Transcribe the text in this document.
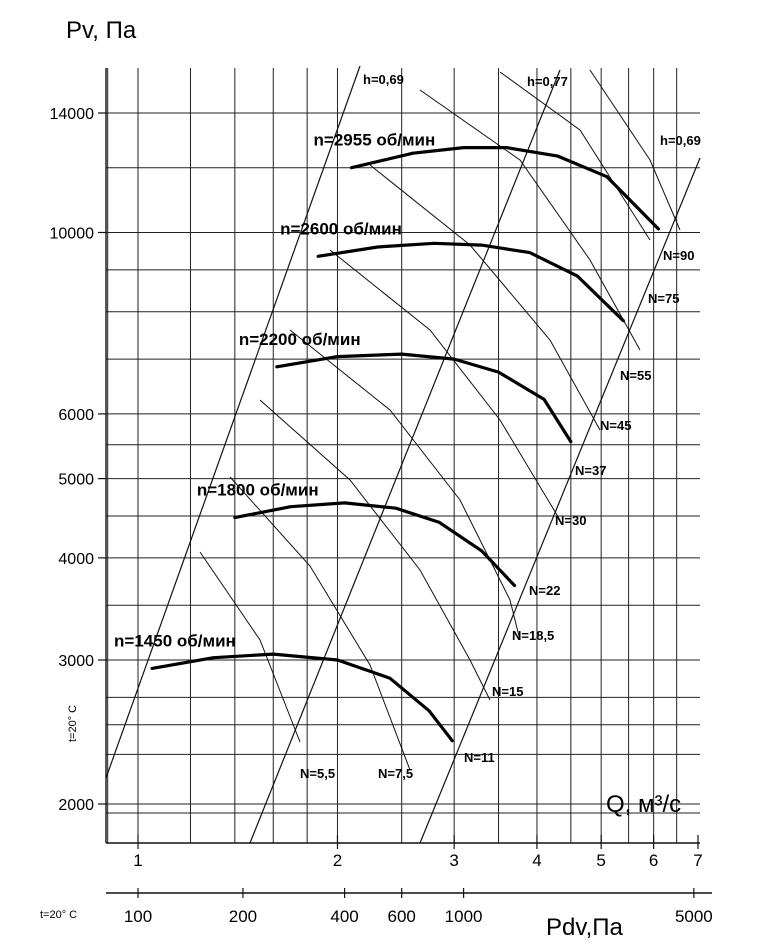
2000
3000
4000
5000
6000
10000
14000
1	2	3	4	5	6 7
100	200	400 600 1000	5000
n=1450 об/мин
n=1800 об/мин
n=2200 об/мин
n=2600 об/мин
n=2955 об/мин
N=5,5	N=7,5
N=11
N=15
N=18,5
N=22
N=30
N=37
N=45
N=55
N=75
N=90
h=0,69	h=0,77
h=0,69
Pv, Па
Q, м³/с
Pdv,Па
t=20° C
t=20° C
